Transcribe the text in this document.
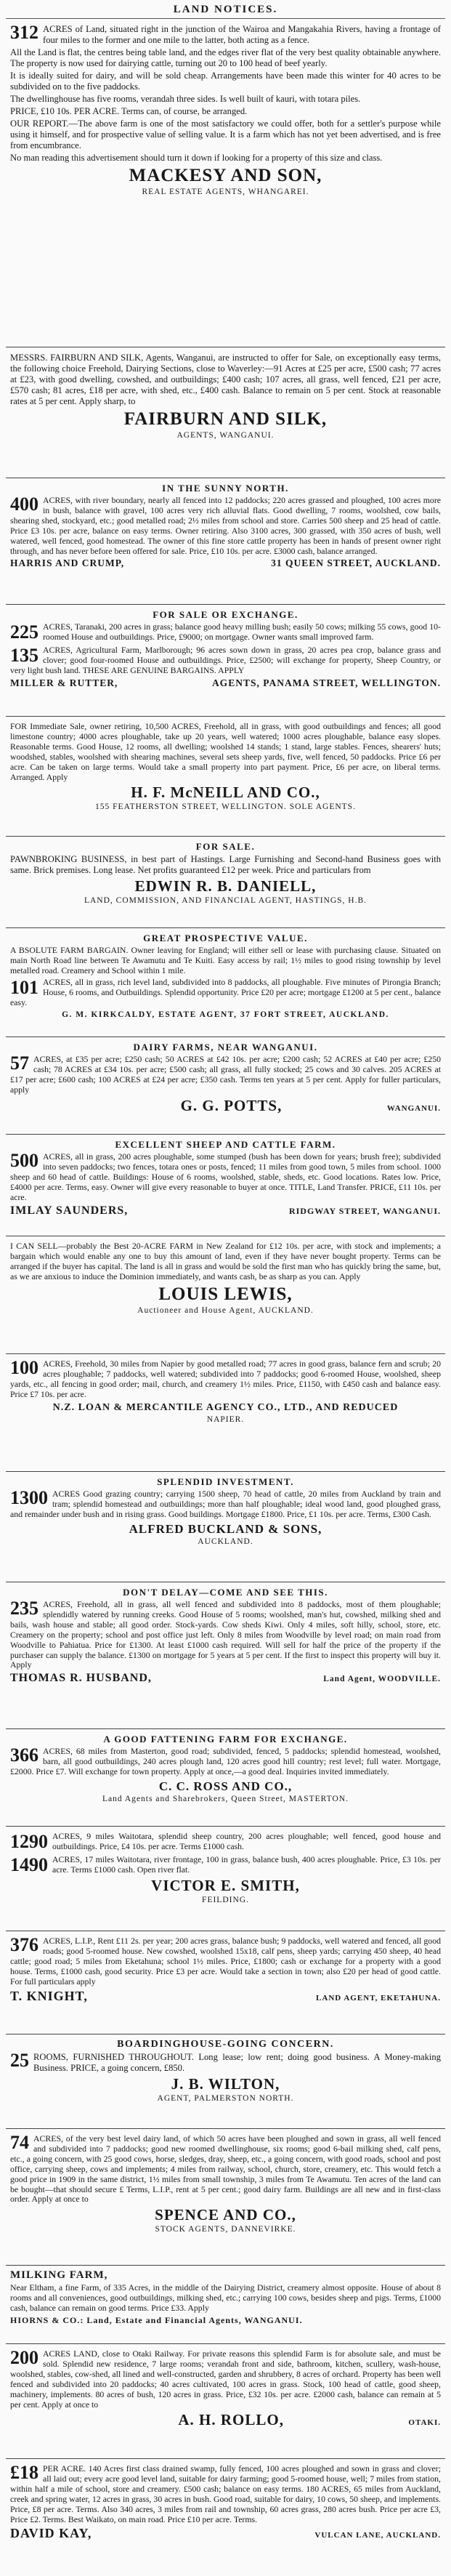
LAND NOTICES.
312 ACRES of Land, situated right in the junction of the Wairoa and Mangakahia Rivers, having a frontage of four miles to the former and one mile to the latter, both acting as a fence.

All the Land is flat, the centres being table land, and the edges river flat of the very best quality obtainable anywhere. The property is now used for dairying cattle, turning out 20 to 100 head of beef yearly.

It is ideally suited for dairy, and will be sold cheap. Arrangements have been made this winter for 40 acres to be subdivided on to the five paddocks.

The dwellinghouse has five rooms, verandah three sides. Is well built of kauri, with totara piles.

PRICE, £10 10s. PER ACRE. Terms can, of course, be arranged.

OUR REPORT.—The above farm is one of the most satisfactory we could offer, both for a settler's purpose while using it himself, and for prospective value of selling value. It is a farm which has not yet been advertised, and is free from encumbrance.

No man reading this advertisement should turn it down if looking for a property of this size and class.

MACKESY AND SON,
REAL ESTATE AGENTS, WHANGAREI.

MESSRS. FAIRBURN AND SILK, Agents, Wanganui, are instructed to offer for Sale, on exceptionally easy terms, the following choice Freehold, Dairying Sections, close to Waverley:—91 Acres at £25 per acre, £500 cash; 77 acres at £23, with good dwelling, cowshed, and outbuildings; £400 cash; 107 acres, all grass, well fenced, £21 per acre, £570 cash; 81 acres, £18 per acre, with shed, etc., £400 cash. Balance to remain on 5 per cent. Stock at reasonable rates at 5 per cent. Apply sharp, to

FAIRBURN AND SILK,
AGENTS, WANGANUI.
IN THE SUNNY NORTH.
400 ACRES, with river boundary, nearly all fenced into 12 paddocks; 220 acres grassed and ploughed, 100 acres more in bush, balance with gravel, 100 acres very rich alluvial flats. Good dwelling, 7 rooms, woolshed, cow bails, shearing shed, stockyard, etc.; good metalled road; 2½ miles from school and store. Carries 500 sheep and 25 head of cattle. Price £3 10s. per acre, balance on easy terms. Owner retiring. Also 3100 acres, 300 grassed, with 350 acres of bush, well watered, well fenced, good homestead. The owner of this fine store cattle property has been in hands of present owner right through, and has never before been offered for sale. Price, £10 10s. per acre. £3000 cash, balance arranged.

HARRIS AND CRUMP,	31 QUEEN STREET, AUCKLAND.
FOR SALE OR EXCHANGE.
225 ACRES, Taranaki, 200 acres in grass; balance good heavy milling bush; easily 50 cows; milking 55 cows, good 10-roomed House and outbuildings. Price, £9000; on mortgage. Owner wants small improved farm.

135 ACRES, Agricultural Farm, Marlborough; 96 acres sown down in grass, 20 acres pea crop, balance grass and clover; good four-roomed House and outbuildings. Price, £2500; will exchange for property, Sheep Country, or very light bush land. THESE ARE GENUINE BARGAINS. APPLY

MILLER & RUTTER,	AGENTS, PANAMA STREET, WELLINGTON.

FOR Immediate Sale, owner retiring, 10,500 ACRES, Freehold, all in grass, with good outbuildings and fences; all good limestone country; 4000 acres ploughable, take up 20 years, well watered; 1000 acres ploughable, balance easy slopes. Reasonable terms. Good House, 12 rooms, all dwelling; woolshed 14 stands; 1 stand, large stables. Fences, shearers' huts; woodshed, stables, woolshed with shearing machines, several sets sheep yards, five, well fenced, 50 paddocks. Price £6 per acre. Can be taken on large terms. Would take a small property into part payment. Price, £6 per acre, on liberal terms. Arranged. Apply

H. F. McNEILL AND CO.,
155 FEATHERSTON STREET, WELLINGTON. SOLE AGENTS.
FOR SALE.

PAWNBROKING BUSINESS, in best part of Hastings. Large Furnishing and Second-hand Business goes with same. Brick premises. Long lease. Net profits guaranteed £12 per week. Price and particulars from

EDWIN R. B. DANIELL,
LAND, COMMISSION, AND FINANCIAL AGENT, HASTINGS, H.B.
GREAT PROSPECTIVE VALUE.

A BSOLUTE FARM BARGAIN. Owner leaving for England; will either sell or lease with purchasing clause. Situated on main North Road line between Te Awamutu and Te Kuiti. Easy access by rail; 1½ miles to good rising township by level metalled road. Creamery and School within 1 mile.

101 ACRES, all in grass, rich level land, subdivided into 8 paddocks, all ploughable. Five minutes of Pirongia Branch; House, 6 rooms, and Outbuildings. Splendid opportunity. Price £20 per acre; mortgage £1200 at 5 per cent., balance easy.

G. M. KIRKCALDY, ESTATE AGENT, 37 FORT STREET, AUCKLAND.
DAIRY FARMS, NEAR WANGANUI.
57 ACRES, at £35 per acre; £250 cash; 50 ACRES at £42 10s. per acre; £200 cash; 52 ACRES at £40 per acre; £250 cash; 78 ACRES at £34 10s. per acre; £500 cash; all grass, all fully stocked; 25 cows and 30 calves. 205 ACRES at £17 per acre; £600 cash; 100 ACRES at £24 per acre; £350 cash. Terms ten years at 5 per cent. Apply for fuller particulars, apply

G. G. POTTS,	WANGANUI.
EXCELLENT SHEEP AND CATTLE FARM.
500 ACRES, all in grass, 200 acres ploughable, some stumped (bush has been down for years; brush free); subdivided into seven paddocks; two fences, totara ones or posts, fenced; 11 miles from good town, 5 miles from school. 1000 sheep and 60 head of cattle. Buildings: House of 6 rooms, woolshed, stable, sheds, etc. Good locations. Rates low. Price, £4000 per acre. Terms, easy. Owner will give every reasonable to buyer at once. TITLE, Land Transfer. PRICE, £11 10s. per acre.

IMLAY SAUNDERS,	RIDGWAY STREET, WANGANUI.

I CAN SELL—probably the Best 20-ACRE FARM in New Zealand for £12 10s. per acre, with stock and implements; a bargain which would enable any one to buy this amount of land, even if they have never bought property. Terms can be arranged if the buyer has capital. The land is all in grass and would be sold the first man who has quickly bring the same, but, as we are anxious to induce the Dominion immediately, and wants cash, be as sharp as you can. Apply

LOUIS LEWIS,
Auctioneer and House Agent, AUCKLAND.
100 ACRES, Freehold, 30 miles from Napier by good metalled road; 77 acres in good grass, balance fern and scrub; 20 acres ploughable; 7 paddocks, well watered; subdivided into 7 paddocks; good 6-roomed House, woolshed, sheep yards, etc., all fencing in good order; mail, church, and creamery 1½ miles. Price, £1150, with £450 cash and balance easy. Price £7 10s. per acre.

N.Z. LOAN & MERCANTILE AGENCY CO., LTD., AND REDUCED
NAPIER.
SPLENDID INVESTMENT.
1300 ACRES Good grazing country; carrying 1500 sheep, 70 head of cattle, 20 miles from Auckland by train and tram; splendid homestead and outbuildings; more than half ploughable; ideal wood land, good ploughed grass, and remainder under bush and in rising grass. Good buildings. Mortgage £1800. Price, £1 10s. per acre. Terms, £300 Cash.

ALFRED BUCKLAND & SONS,
AUCKLAND.
DON'T DELAY—COME AND SEE THIS.
235 ACRES, Freehold, all in grass, all well fenced and subdivided into 8 paddocks, most of them ploughable; splendidly watered by running creeks. Good House of 5 rooms; woolshed, man's hut, cowshed, milking shed and bails, wash house and stable; all good order. Stock-yards. Cow sheds Kiwi. Only 4 miles, soft hilly, school, store, etc. Creamery on the property; school and post office just left. Only 8 miles from Woodville by level road; on main road from Woodville to Pahiatua. Price for £1300. At least £1000 cash required. Will sell for half the price of the property if the purchaser can supply the balance. £1300 on mortgage for 5 years at 5 per cent. If the first to inspect this property will buy it. Apply

THOMAS R. HUSBAND,	Land Agent, WOODVILLE.
A GOOD FATTENING FARM FOR EXCHANGE.
366 ACRES, 68 miles from Masterton, good road; subdivided, fenced, 5 paddocks; splendid homestead, woolshed, barn, all good outbuildings, 240 acres plough land, 120 acres good hill country; rest level; full water. Mortgage, £2000. Price £7. Will exchange for town property. Apply at once,—a good deal. Inquiries invited immediately.

C. C. ROSS AND CO.,
Land Agents and Sharebrokers, Queen Street, MASTERTON.
1290 ACRES, 9 miles Waitotara, splendid sheep country, 200 acres ploughable; well fenced, good house and outbuildings. Price, £4 10s. per acre. Terms £1000 cash.

1490 ACRES, 17 miles Waitotara, river frontage, 100 in grass, balance bush, 400 acres ploughable. Price, £3 10s. per acre. Terms £1000 cash. Open river flat.

VICTOR E. SMITH,
FEILDING.
376 ACRES, L.I.P., Rent £11 2s. per year; 200 acres grass, balance bush; 9 paddocks, well watered and fenced, all good roads; good 5-roomed house. New cowshed, woolshed 15x18, calf pens, sheep yards; carrying 450 sheep, 40 head cattle; good road; 5 miles from Eketahuna; school 1½ miles. Price, £1800; cash or exchange for a property with a good house. Terms, £1000 cash, good security. Price £3 per acre. Would take a section in town; also £20 per head of good cattle. For full particulars apply

T. KNIGHT,	LAND AGENT, EKETAHUNA.
BOARDINGHOUSE-GOING CONCERN.
25 ROOMS, FURNISHED THROUGHOUT. Long lease; low rent; doing good business. A Money-making Business. PRICE, a going concern, £850.

J. B. WILTON,
AGENT, PALMERSTON NORTH.
74 ACRES, of the very best level dairy land, of which 50 acres have been ploughed and sown in grass, all well fenced and subdivided into 7 paddocks; good new roomed dwellinghouse, six rooms; good 6-bail milking shed, calf pens, etc., a going concern, with 25 good cows, horse, sledges, dray, sheep, etc., a going concern, with good roads, school and post office, carrying sheep, cows and implements; 4 miles from railway, school, church, store, creamery, etc. This would fetch a good price in 1909 in the same district, 1½ miles from small township, 3 miles from Te Awamutu. Ten acres of the land can be bought—that should secure £ Terms, L.I.P., rent at 5 per cent.; good dairy farm. Buildings are all new and in first-class order. Apply at once to

SPENCE AND CO.,
STOCK AGENTS, DANNEVIRKE.
MILKING FARM,

Near Eltham, a fine Farm, of 335 Acres, in the middle of the Dairying District, creamery almost opposite. House of about 8 rooms and all conveniences, good outbuildings, milking shed, etc.; carrying 100 cows, besides sheep and pigs. Terms, £1000 cash, balance can remain on good terms. Price £33. Apply

HIORNS & CO.: Land, Estate and Financial Agents, WANGANUI.
200 ACRES LAND, close to Otaki Railway. For private reasons this splendid Farm is for absolute sale, and must be sold. Splendid new residence, 7 large rooms; verandah front and side, bathroom, kitchen, scullery, wash-house, woolshed, stables, cow-shed, all lined and well-constructed, garden and shrubbery, 8 acres of orchard. Property has been well fenced and subdivided into 20 paddocks; 40 acres cultivated, 100 acres in grass. Stock, 100 head of cattle, good sheep, machinery, implements. 80 acres of bush, 120 acres in grass. Price, £32 10s. per acre. £2000 cash, balance can remain at 5 per cent. Apply at once to

A. H. ROLLO,	OTAKI.
£18 PER ACRE. 140 Acres first class drained swamp, fully fenced, 100 acres ploughed and sown in grass and clover; all laid out; every acre good level land, suitable for dairy farming; good 5-roomed house, well; 7 miles from station, within half a mile of school, store and creamery. £500 cash; balance on easy terms. 180 ACRES, 65 miles from Auckland, creek and spring water, 12 acres in grass, 30 acres in bush. Good road, suitable for dairy, 10 cows, 50 sheep, and implements. Price, £8 per acre. Terms. Also 340 acres, 3 miles from rail and township, 60 acres grass, 280 acres bush. Price per acre £3, Price £2. Terms. Best Waikato, on main road. Price £10 per acre. Terms.

DAVID KAY,	VULCAN LANE, AUCKLAND.
